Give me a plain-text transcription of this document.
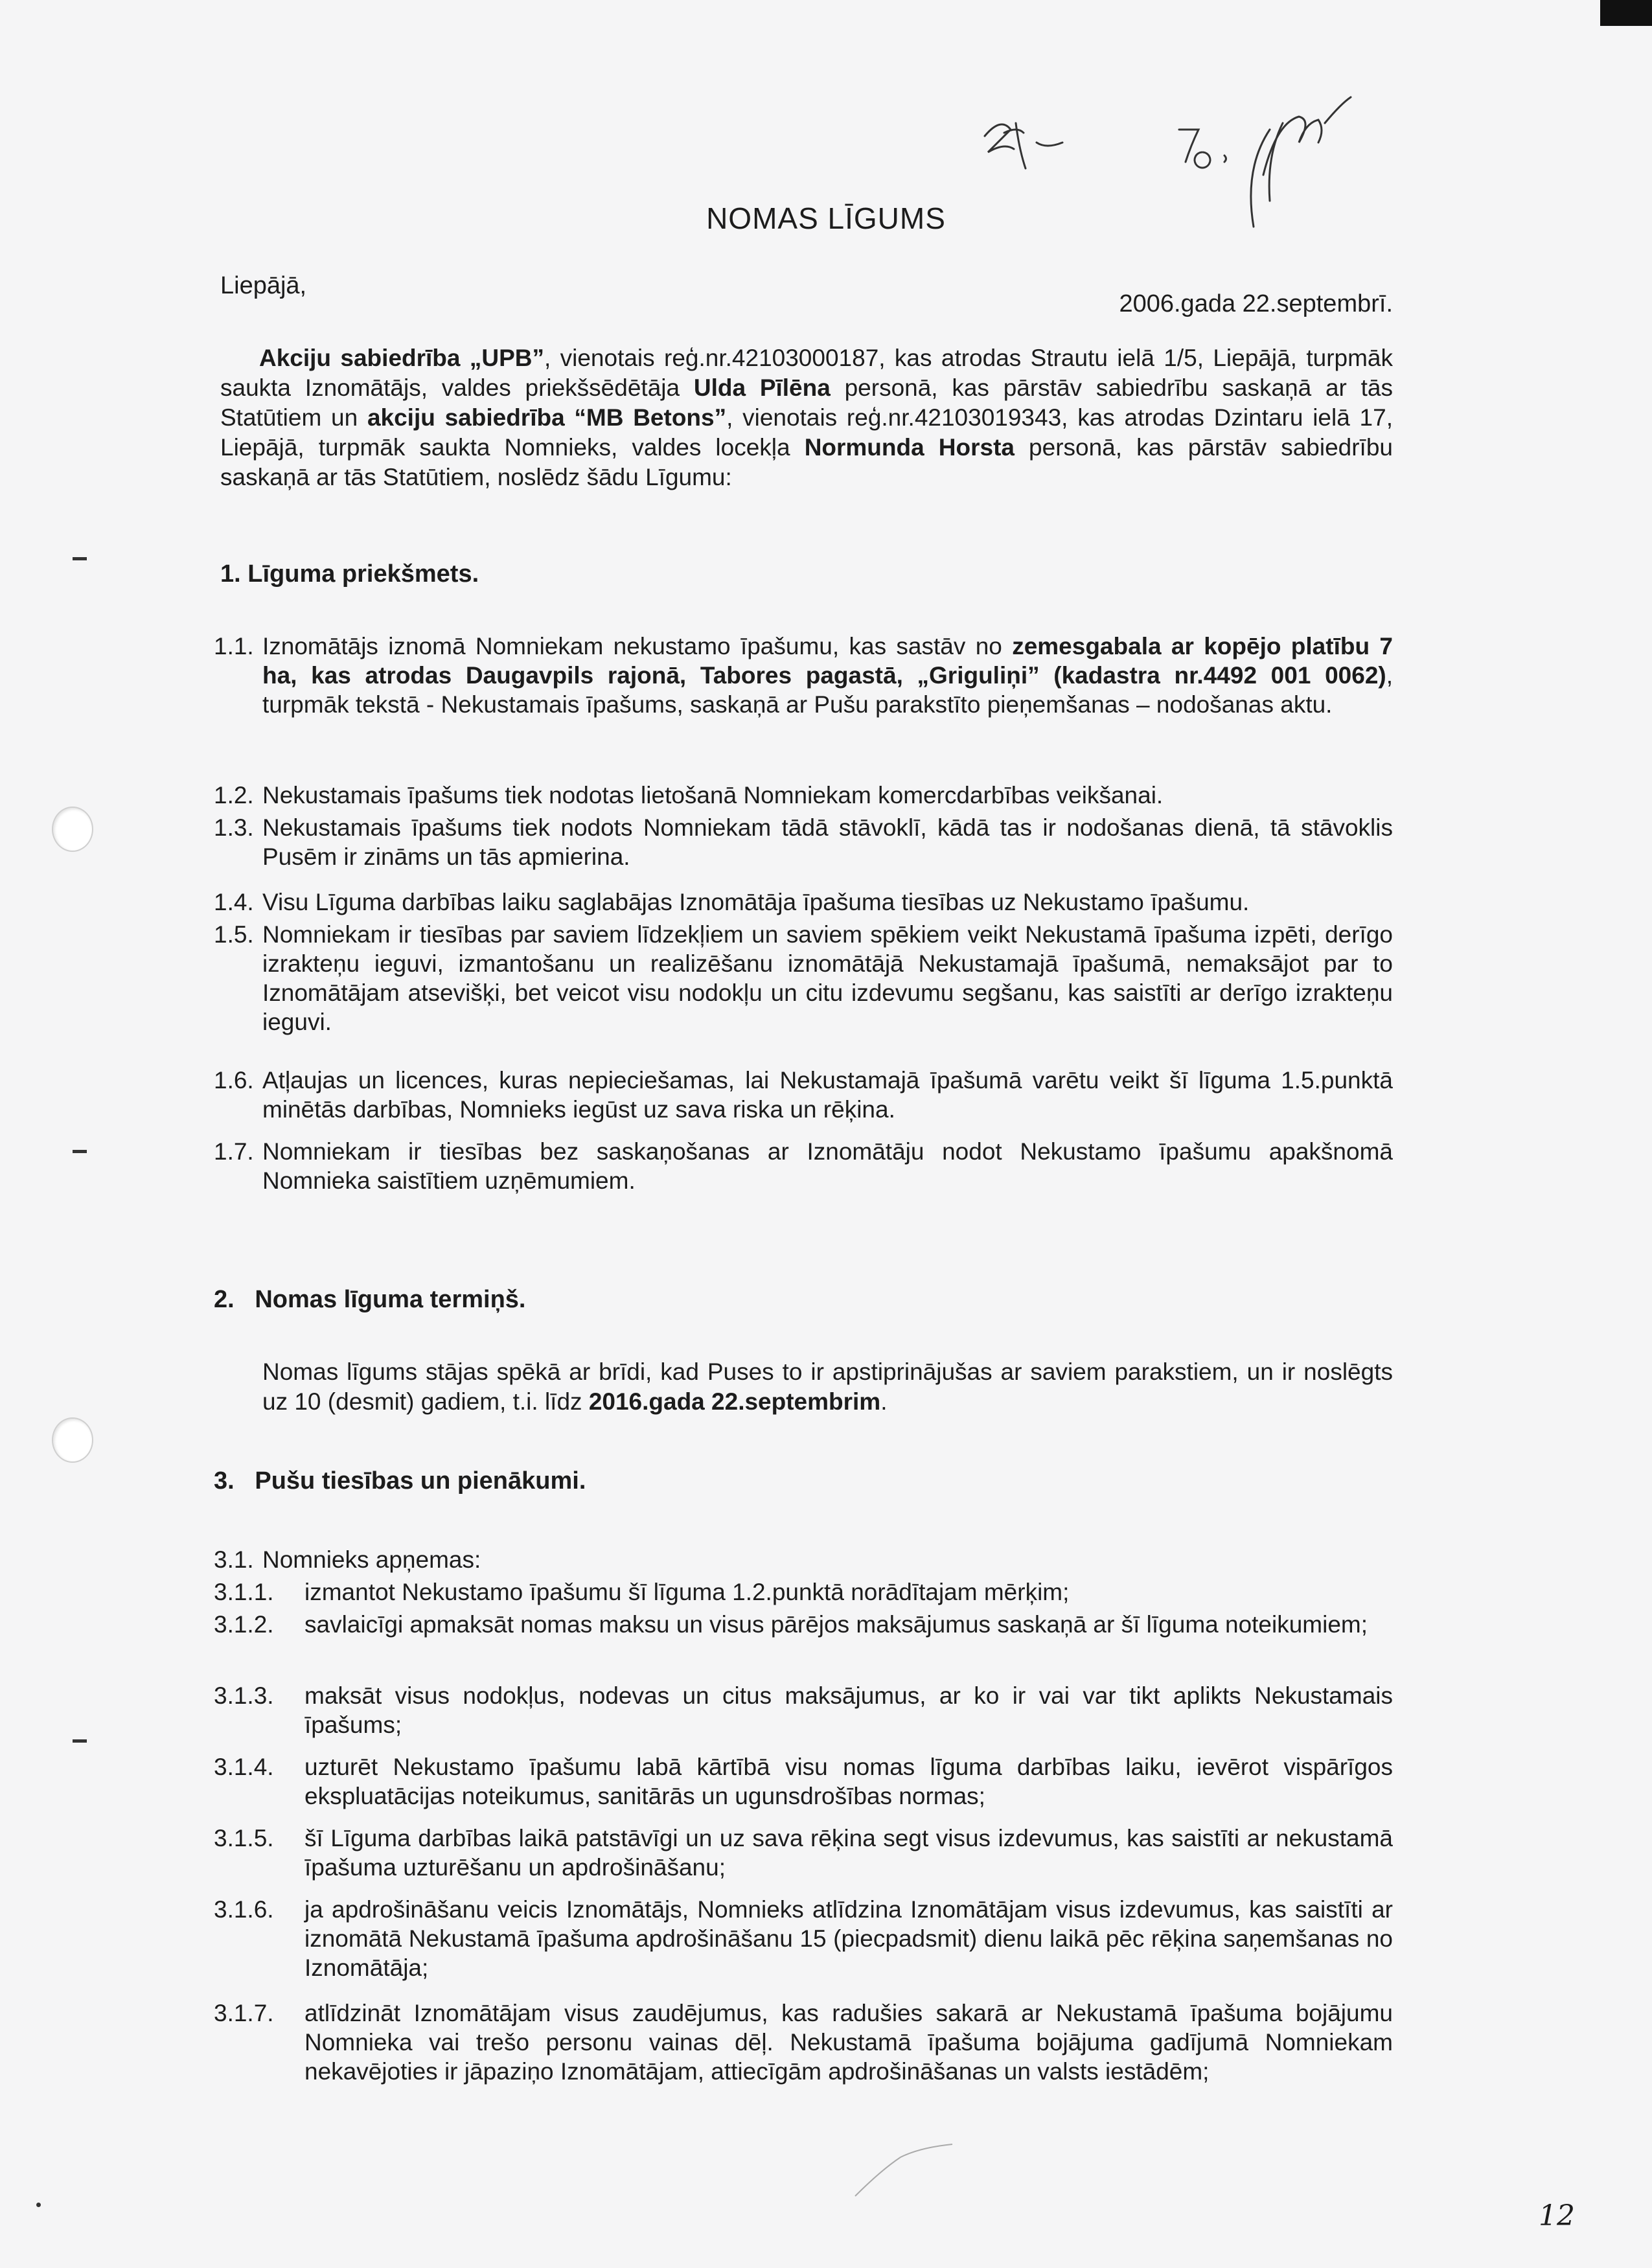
NOMAS LĪGUMS
Liepājā,
2006.gada 22.septembrī.
Akciju sabiedrība „UPB”, vienotais reģ.nr.42103000187, kas atrodas Strautu ielā 1/5, Liepājā, turpmāk saukta Iznomātājs, valdes priekšsēdētāja Ulda Pīlēna personā, kas pārstāv sabiedrību saskaņā ar tās Statūtiem un akciju sabiedrība “MB Betons”, vienotais reģ.nr.42103019343, kas atrodas Dzintaru ielā 17, Liepājā, turpmāk saukta Nomnieks, valdes locekļa Normunda Horsta personā, kas pārstāv sabiedrību saskaņā ar tās Statūtiem, noslēdz šādu Līgumu:
1. Līguma priekšmets.
1.1. Iznomātājs iznomā Nomniekam nekustamo īpašumu, kas sastāv no zemesgabala ar kopējo platību 7 ha, kas atrodas Daugavpils rajonā, Tabores pagastā, „Griguliņi” (kadastra nr.4492 001 0062), turpmāk tekstā - Nekustamais īpašums, saskaņā ar Pušu parakstīto pieņemšanas – nodošanas aktu.
1.2. Nekustamais īpašums tiek nodotas lietošanā Nomniekam komercdarbības veikšanai.
1.3. Nekustamais īpašums tiek nodots Nomniekam tādā stāvoklī, kādā tas ir nodošanas dienā, tā stāvoklis Pusēm ir zināms un tās apmierina.
1.4. Visu Līguma darbības laiku saglabājas Iznomātāja īpašuma tiesības uz Nekustamo īpašumu.
1.5. Nomniekam ir tiesības par saviem līdzekļiem un saviem spēkiem veikt Nekustamā īpašuma izpēti, derīgo izrakteņu ieguvi, izmantošanu un realizēšanu iznomātājā Nekustamajā īpašumā, nemaksājot par to Iznomātājam atsevišķi, bet veicot visu nodokļu un citu izdevumu segšanu, kas saistīti ar derīgo izrakteņu ieguvi.
1.6. Atļaujas un licences, kuras nepieciešamas, lai Nekustamajā īpašumā varētu veikt šī līguma 1.5.punktā minētās darbības, Nomnieks iegūst uz sava riska un rēķina.
1.7. Nomniekam ir tiesības bez saskaņošanas ar Iznomātāju nodot Nekustamo īpašumu apakšnomā Nomnieka saistītiem uzņēmumiem.
2.   Nomas līguma termiņš.
Nomas līgums stājas spēkā ar brīdi, kad Puses to ir apstiprinājušas ar saviem parakstiem, un ir noslēgts uz 10 (desmit) gadiem, t.i. līdz 2016.gada 22.septembrim.
3.   Pušu tiesības un pienākumi.
3.1. Nomnieks apņemas:
3.1.1. izmantot Nekustamo īpašumu šī līguma 1.2.punktā norādītajam mērķim;
3.1.2. savlaicīgi apmaksāt nomas maksu un visus pārējos maksājumus saskaņā ar šī līguma noteikumiem;
3.1.3. maksāt visus nodokļus, nodevas un citus maksājumus, ar ko ir vai var tikt aplikts Nekustamais īpašums;
3.1.4. uzturēt Nekustamo īpašumu labā kārtībā visu nomas līguma darbības laiku, ievērot vispārīgos ekspluatācijas noteikumus, sanitārās un ugunsdrošības normas;
3.1.5. šī Līguma darbības laikā patstāvīgi un uz sava rēķina segt visus izdevumus, kas saistīti ar nekustamā īpašuma uzturēšanu un apdrošināšanu;
3.1.6. ja apdrošināšanu veicis Iznomātājs, Nomnieks atlīdzina Iznomātājam visus izdevumus, kas saistīti ar iznomātā Nekustamā īpašuma apdrošināšanu 15 (piecpadsmit) dienu laikā pēc rēķina saņemšanas no Iznomātāja;
3.1.7. atlīdzināt Iznomātājam visus zaudējumus, kas radušies sakarā ar Nekustamā īpašuma bojājumu Nomnieka vai trešo personu vainas dēļ. Nekustamā īpašuma bojājuma gadījumā Nomniekam nekavējoties ir jāpaziņo Iznomātājam, attiecīgām apdrošināšanas un valsts iestādēm;
12
